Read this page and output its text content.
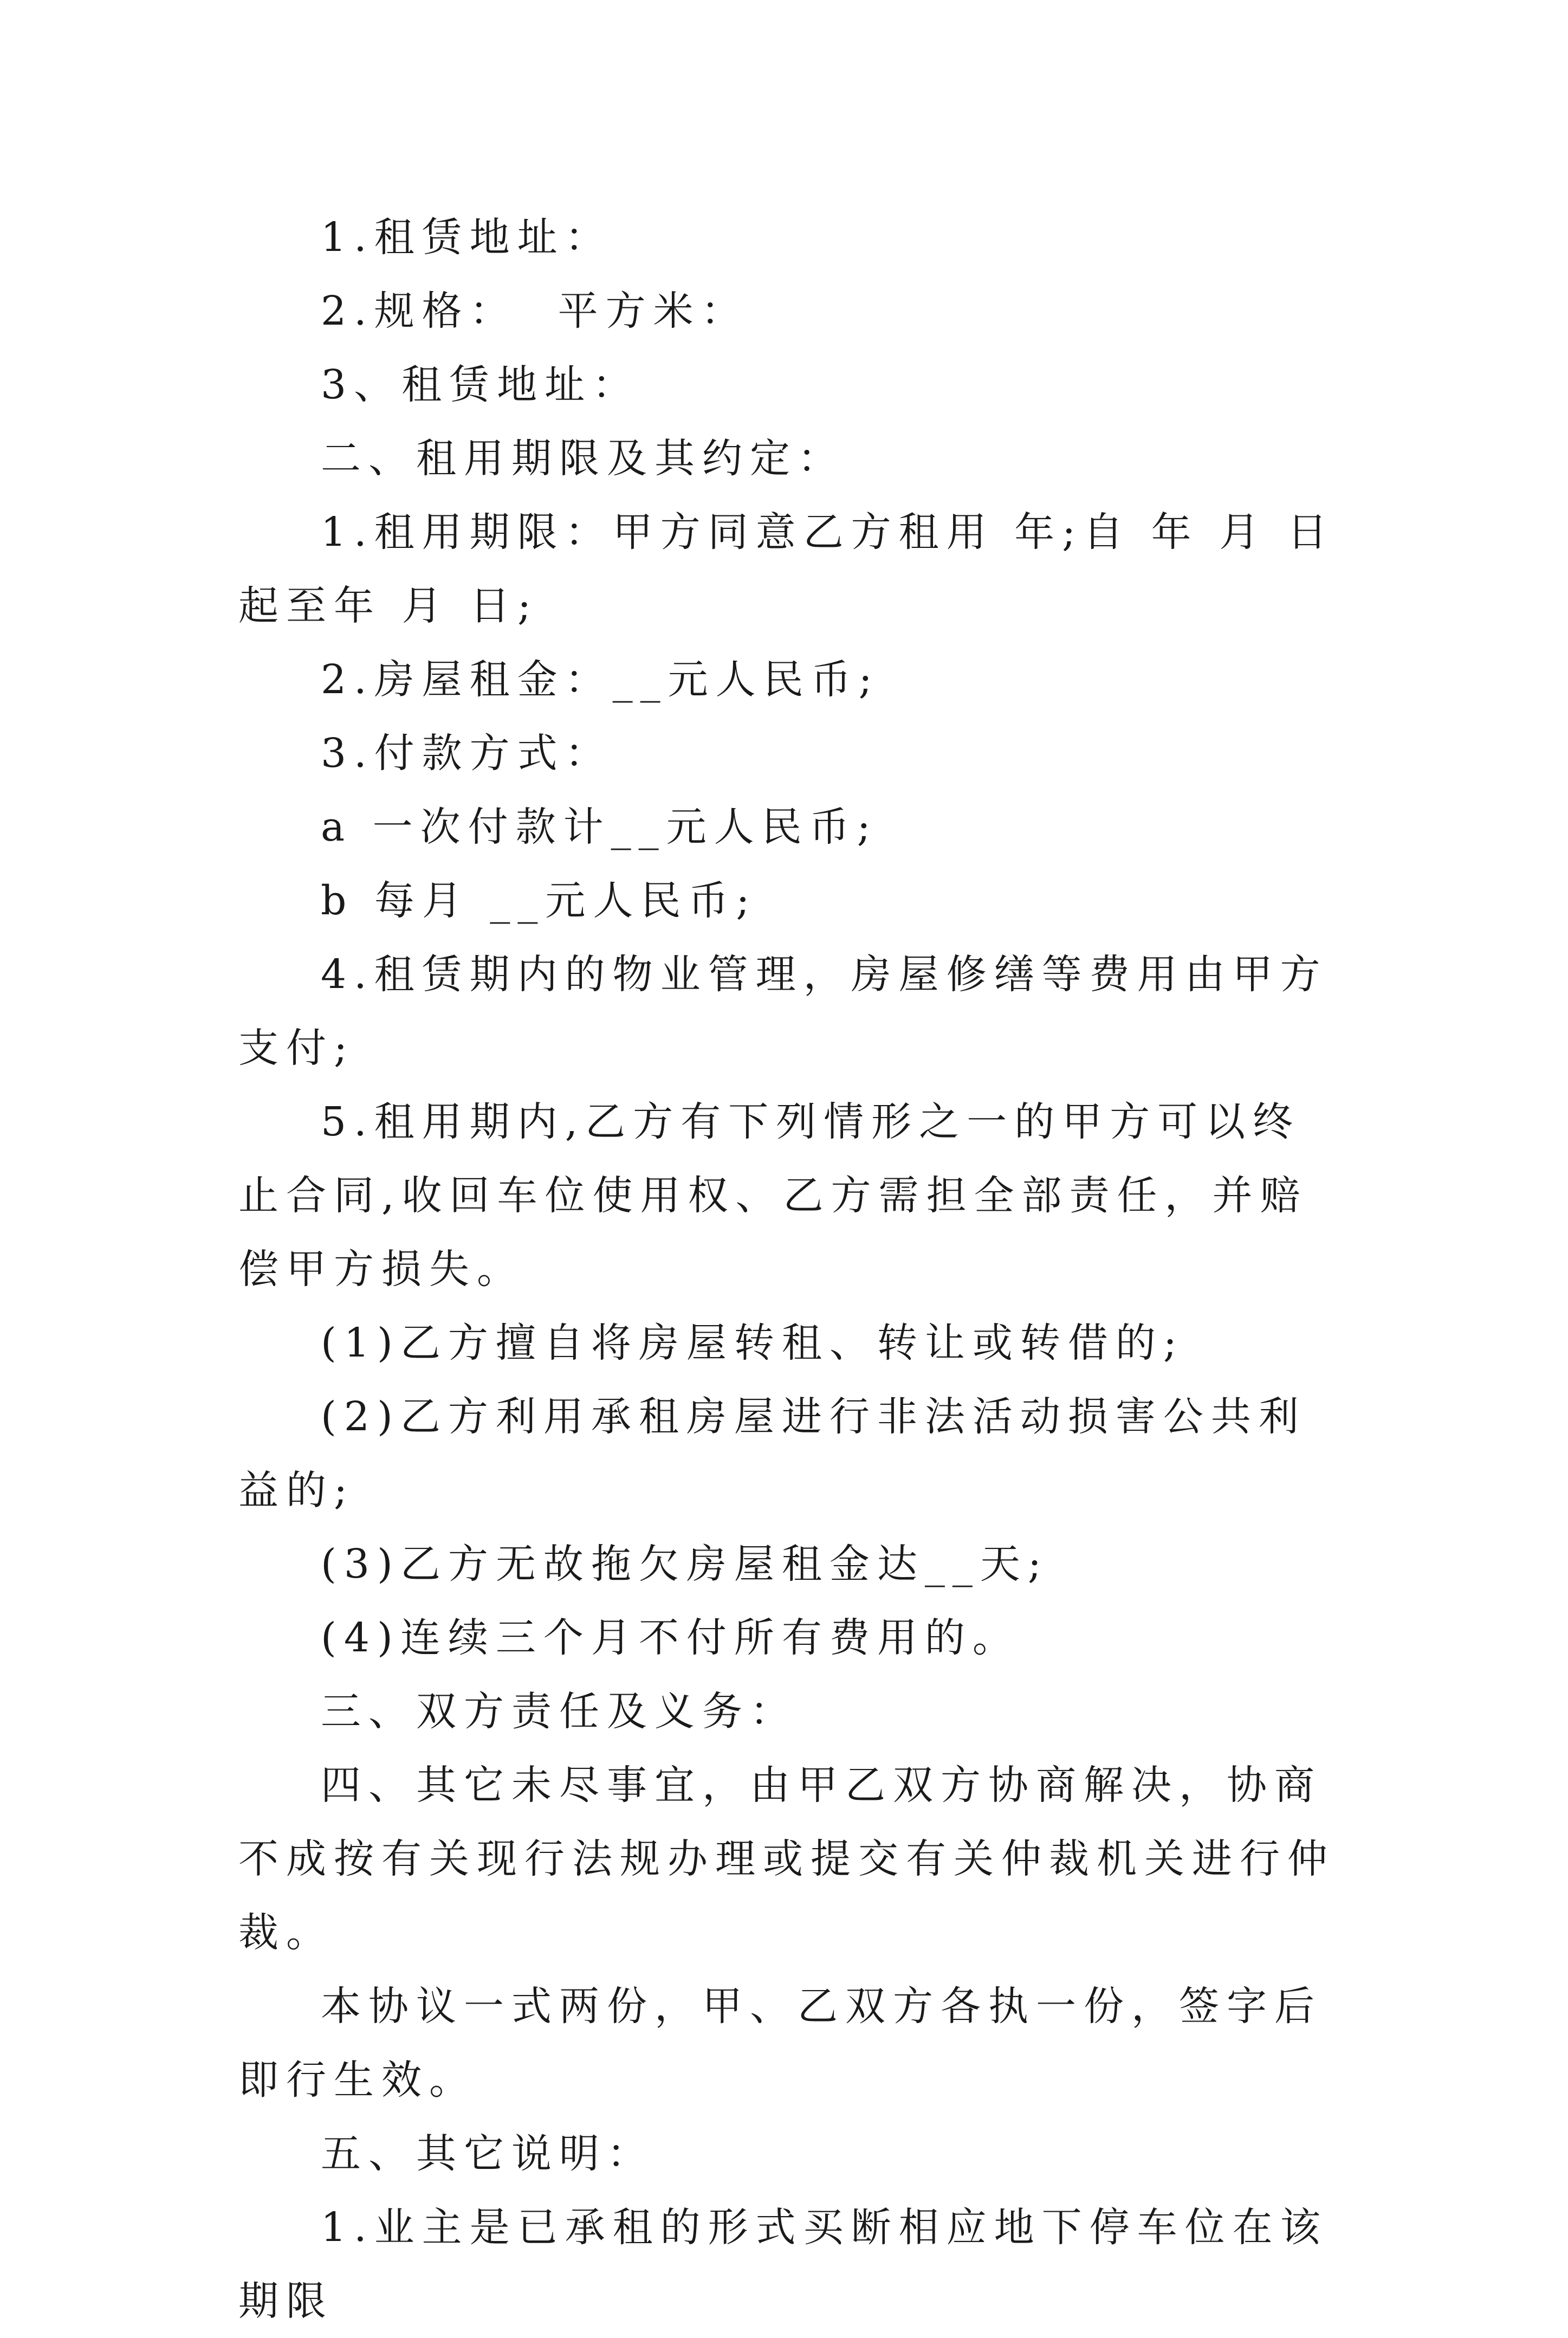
1.租赁地址：

2.规格：  平方米：

3、租赁地址：

二、租用期限及其约定：

1.租用期限：甲方同意乙方租用 年;自 年 月 日起至年 月 日;

2.房屋租金：__元人民币;

3.付款方式：

a 一次付款计__元人民币;

b 每月 __元人民币;

4.租赁期内的物业管理，房屋修缮等费用由甲方支付;

5.租用期内,乙方有下列情形之一的甲方可以终止合同,收回车位使用权、乙方需担全部责任，并赔偿甲方损失。

(1)乙方擅自将房屋转租、转让或转借的;

(2)乙方利用承租房屋进行非法活动损害公共利益的;

(3)乙方无故拖欠房屋租金达__天;

(4)连续三个月不付所有费用的。

三、双方责任及义务：

四、其它未尽事宜，由甲乙双方协商解决，协商不成按有关现行法规办理或提交有关仲裁机关进行仲裁。

本协议一式两份，甲、乙双方各执一份，签字后即行生效。

五、其它说明：

1.业主是已承租的形式买断相应地下停车位在该期限
